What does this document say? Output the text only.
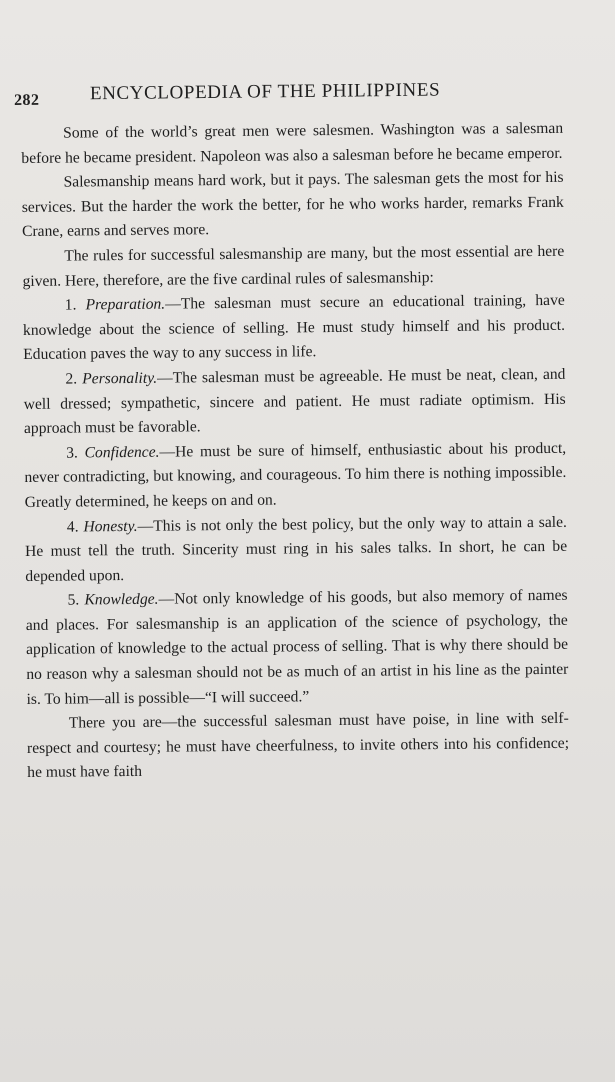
282	ENCYCLOPEDIA OF THE PHILIPPINES

Some of the world’s great men were salesmen. Washington was a salesman before he became president. Napoleon was also a salesman before he became emperor.

Salesmanship means hard work, but it pays. The salesman gets the most for his services. But the harder the work the better, for he who works harder, remarks Frank Crane, earns and serves more.

The rules for successful salesmanship are many, but the most essential are here given. Here, therefore, are the five cardinal rules of salesmanship:

1. Preparation.—The salesman must secure an educational training, have knowledge about the science of selling. He must study himself and his product. Education paves the way to any success in life.

2. Personality.—The salesman must be agreeable. He must be neat, clean, and well dressed; sympathetic, sincere and patient. He must radiate optimism. His approach must be favorable.

3. Confidence.—He must be sure of himself, enthusiastic about his product, never contradicting, but knowing, and courageous. To him there is nothing impossible. Greatly determined, he keeps on and on.

4. Honesty.—This is not only the best policy, but the only way to attain a sale. He must tell the truth. Sincerity must ring in his sales talks. In short, he can be depended upon.

5. Knowledge.—Not only knowledge of his goods, but also memory of names and places. For salesmanship is an application of the science of psychology, the application of knowledge to the actual process of selling. That is why there should be no reason why a salesman should not be as much of an artist in his line as the painter is. To him—all is possible—“I will succeed.”

There you are—the successful salesman must have poise, in line with self-respect and courtesy; he must have cheerfulness, to invite others into his confidence; he must have faith
